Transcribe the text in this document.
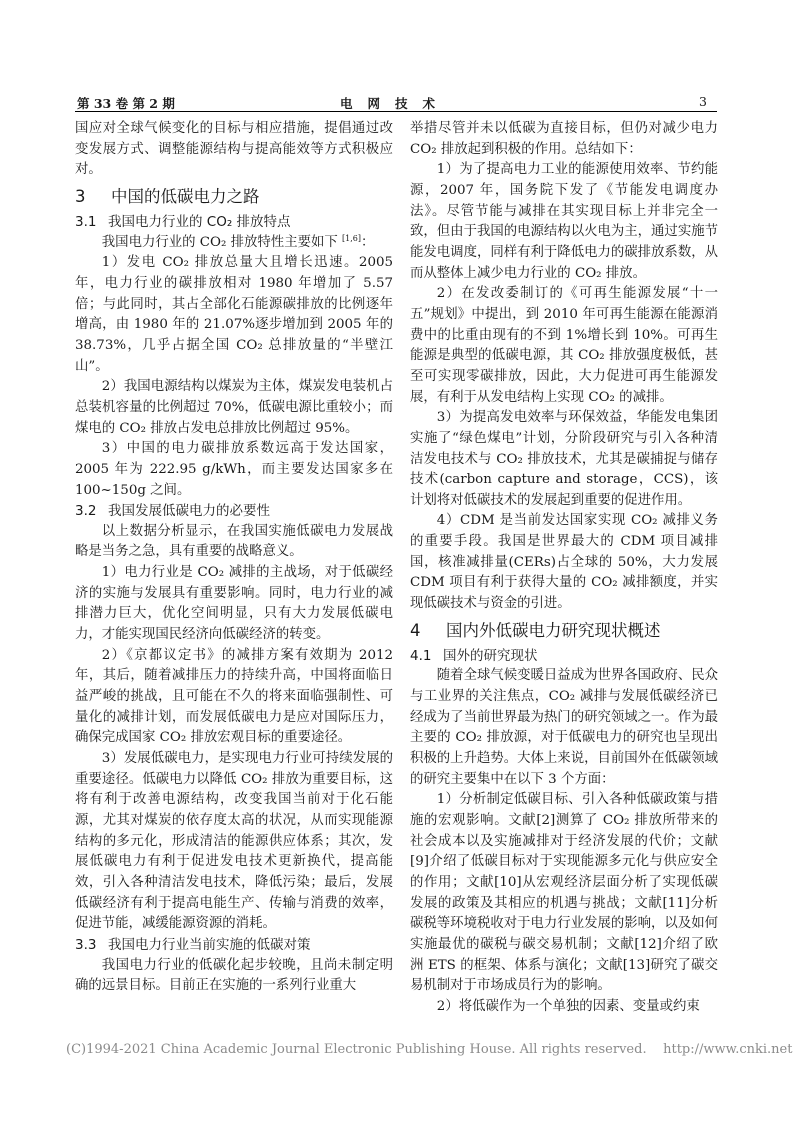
第 33 卷 第 2 期	电网技术	3

国应对全球气候变化的目标与相应措施，提倡通过改变发展方式、调整能源结构与提高能效等方式积极应对。

3 中国的低碳电力之路
3.1 我国电力行业的 CO₂ 排放特点

我国电力行业的 CO₂ 排放特性主要如下 [1,6]：

1）发电 CO₂ 排放总量大且增长迅速。2005 年，电力行业的碳排放相对 1980 年增加了 5.57 倍；与此同时，其占全部化石能源碳排放的比例逐年增高，由 1980 年的 21.07%逐步增加到 2005 年的 38.73%，几乎占据全国 CO₂ 总排放量的“半壁江山”。

2）我国电源结构以煤炭为主体，煤炭发电装机占总装机容量的比例超过 70%，低碳电源比重较小；而煤电的 CO₂ 排放占发电总排放比例超过 95%。

3）中国的电力碳排放系数远高于发达国家，2005 年为 222.95 g/kWh，而主要发达国家多在 100~150g 之间。

3.2 我国发展低碳电力的必要性

以上数据分析显示，在我国实施低碳电力发展战略是当务之急，具有重要的战略意义。

1）电力行业是 CO₂ 减排的主战场，对于低碳经济的实施与发展具有重要影响。同时，电力行业的减排潜力巨大，优化空间明显，只有大力发展低碳电力，才能实现国民经济向低碳经济的转变。

2）《京都议定书》的减排方案有效期为 2012 年，其后，随着减排压力的持续升高，中国将面临日益严峻的挑战，且可能在不久的将来面临强制性、可量化的减排计划，而发展低碳电力是应对国际压力，确保完成国家 CO₂ 排放宏观目标的重要途径。

3）发展低碳电力，是实现电力行业可持续发展的重要途径。低碳电力以降低 CO₂ 排放为重要目标，这将有利于改善电源结构，改变我国当前对于化石能源，尤其对煤炭的依存度太高的状况，从而实现能源结构的多元化，形成清洁的能源供应体系；其次，发展低碳电力有利于促进发电技术更新换代，提高能效，引入各种清洁发电技术，降低污染；最后，发展低碳经济有利于提高电能生产、传输与消费的效率，促进节能，减缓能源资源的消耗。

3.3 我国电力行业当前实施的低碳对策

我国电力行业的低碳化起步较晚，且尚未制定明确的远景目标。目前正在实施的一系列行业重大

举措尽管并未以低碳为直接目标，但仍对减少电力 CO₂ 排放起到积极的作用。总结如下：

1）为了提高电力工业的能源使用效率、节约能源，2007 年，国务院下发了《节能发电调度办法》。尽管节能与减排在其实现目标上并非完全一致，但由于我国的电源结构以火电为主，通过实施节能发电调度，同样有利于降低电力的碳排放系数，从而从整体上减少电力行业的 CO₂ 排放。

2）在发改委制订的《可再生能源发展“十一五”规划》中提出，到 2010 年可再生能源在能源消费中的比重由现有的不到 1%增长到 10%。可再生能源是典型的低碳电源，其 CO₂ 排放强度极低，甚至可实现零碳排放，因此，大力促进可再生能源发展，有利于从发电结构上实现 CO₂ 的减排。

3）为提高发电效率与环保效益，华能发电集团实施了“绿色煤电”计划，分阶段研究与引入各种清洁发电技术与 CO₂ 排放技术，尤其是碳捕捉与储存技术(carbon capture and storage，CCS)，该计划将对低碳技术的发展起到重要的促进作用。

4）CDM 是当前发达国家实现 CO₂ 减排义务的重要手段。我国是世界最大的 CDM 项目减排国，核准减排量(CERs)占全球的 50%，大力发展 CDM 项目有利于获得大量的 CO₂ 减排额度，并实现低碳技术与资金的引进。

4 国内外低碳电力研究现状概述
4.1 国外的研究现状

随着全球气候变暖日益成为世界各国政府、民众与工业界的关注焦点，CO₂ 减排与发展低碳经济已经成为了当前世界最为热门的研究领域之一。作为最主要的 CO₂ 排放源，对于低碳电力的研究也呈现出积极的上升趋势。大体上来说，目前国外在低碳领域的研究主要集中在以下 3 个方面：

1）分析制定低碳目标、引入各种低碳政策与措施的宏观影响。文献[2]测算了 CO₂ 排放所带来的社会成本以及实施减排对于经济发展的代价；文献[9]介绍了低碳目标对于实现能源多元化与供应安全的作用；文献[10]从宏观经济层面分析了实现低碳发展的政策及其相应的机遇与挑战；文献[11]分析碳税等环境税收对于电力行业发展的影响，以及如何实施最优的碳税与碳交易机制；文献[12]介绍了欧洲 ETS 的框架、体系与演化；文献[13]研究了碳交易机制对于市场成员行为的影响。

2）将低碳作为一个单独的因素、变量或约束

(C)1994-2021 China Academic Journal Electronic Publishing House. All rights reserved. http://www.cnki.net
